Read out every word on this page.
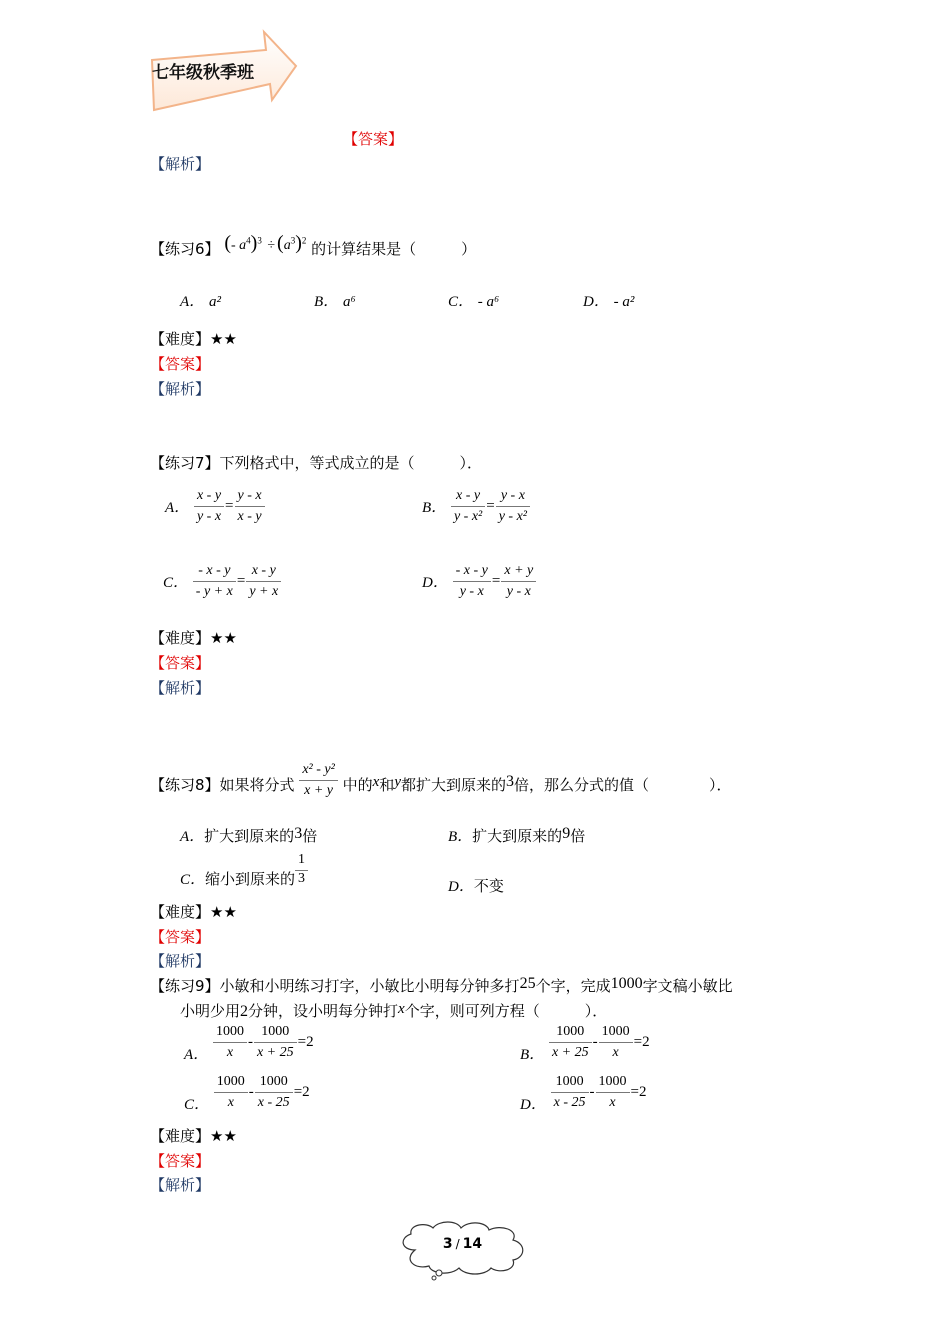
七年级秋季班
【答案】
【解析】
【练习6】 (- $a^4)^3 \div (a^3)^2$ 的计算结果是（　　　）
A． a²	B． a⁶	C． - a⁶	D． - a²
【难度】★★
【答案】
【解析】
【练习7】下列格式中，等式成立的是（　　　）．
A． $\frac{x - y}{y - x} = \frac{y - x}{x - y}$	B． $\frac{x - y}{\text{y - x²}} = \frac{y - x}{\text{y - x²}}$
C． $\frac{- x - y}{- y + x} = \frac{x - y}{y + x}$	D． $\frac{- x - y}{y - x} = \frac{x + y}{y - x}$
【难度】★★
【答案】
【解析】
【练习8】如果将分式 $\frac{\text{x² - y²}}{x + y}$ 中的x和y都扩大到原来的3倍，那么分式的值（　　　　）．
A．扩大到原来的3倍	B．扩大到原来的9倍
C．缩小到原来的 $\frac{1}{3}$	D．不变
【难度】★★
【答案】
【解析】
【练习9】小敏和小明练习打字，小敏比小明每分钟多打25个字，完成1000字文稿小敏比
小明少用2分钟，设小明每分钟打x个字，则可列方程（　　　）．
A． $\frac{1000}{x} - \frac{1000}{x + 25} =2$
B． $\frac{1000}{x + 25} - \frac{1000}{x} =2$
C． $\frac{1000}{x} - \frac{1000}{x - 25} =2$
D． $\frac{1000}{x - 25} - \frac{1000}{x} =2$
【难度】★★
【答案】
【解析】
3 / 14
